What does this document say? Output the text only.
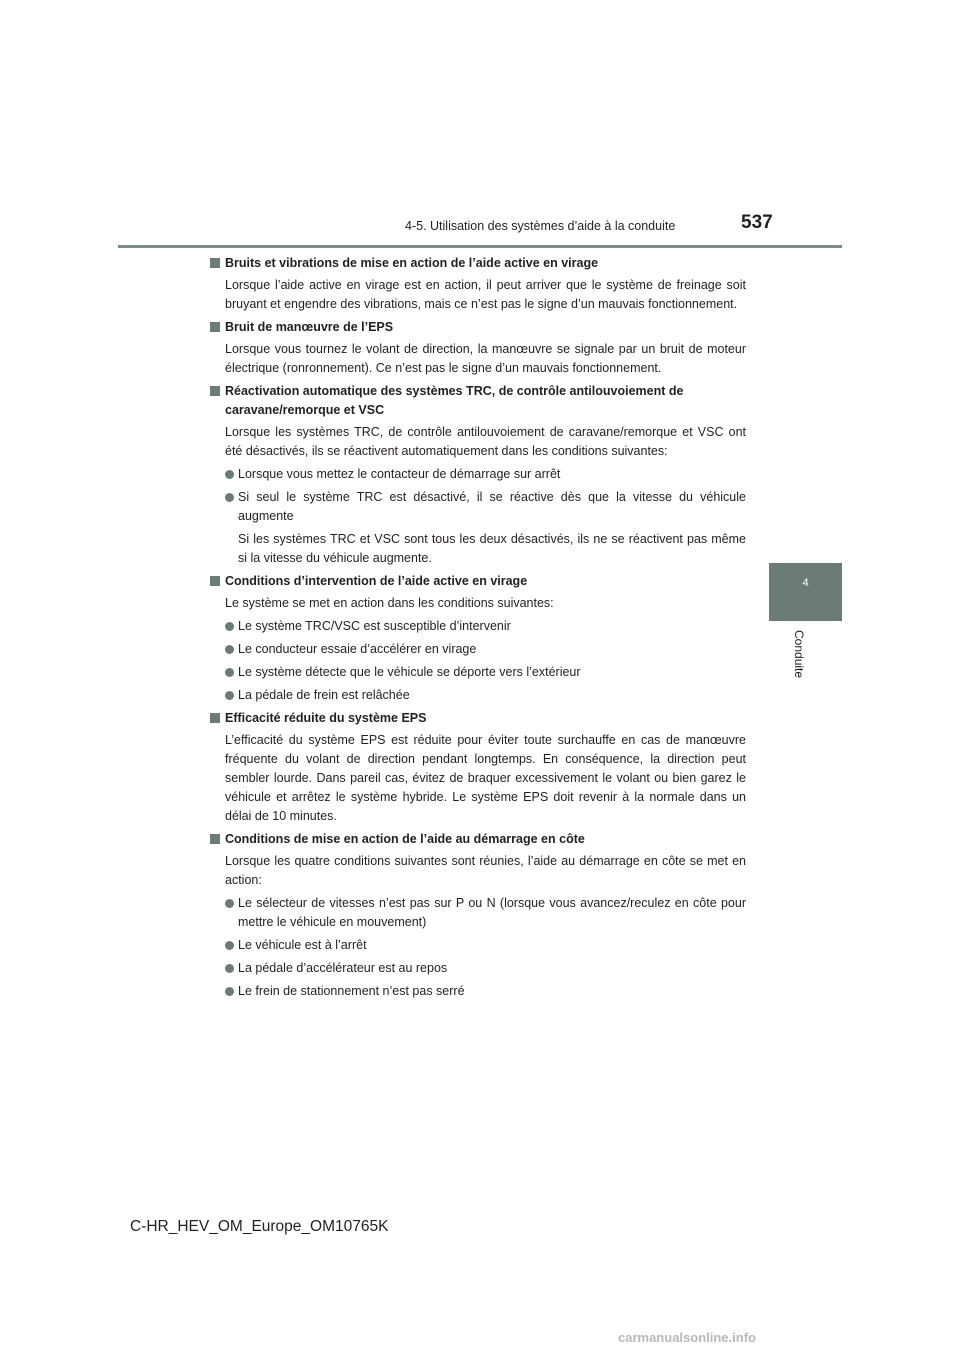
4-5. Utilisation des systèmes d’aide à la conduite	537
4
Conduite
Bruits et vibrations de mise en action de l’aide active en virage
Lorsque l’aide active en virage est en action, il peut arriver que le système de freinage soit bruyant et engendre des vibrations, mais ce n’est pas le signe d’un mauvais fonctionnement.
Bruit de manœuvre de l’EPS
Lorsque vous tournez le volant de direction, la manœuvre se signale par un bruit de moteur électrique (ronronnement). Ce n’est pas le signe d’un mauvais fonctionnement.
Réactivation automatique des systèmes TRC, de contrôle antilouvoiement de caravane/remorque et VSC
Lorsque les systèmes TRC, de contrôle antilouvoiement de caravane/remorque et VSC ont été désactivés, ils se réactivent automatiquement dans les conditions suivantes:
Lorsque vous mettez le contacteur de démarrage sur arrêt
Si seul le système TRC est désactivé, il se réactive dès que la vitesse du véhicule augmente
Si les systèmes TRC et VSC sont tous les deux désactivés, ils ne se réactivent pas même si la vitesse du véhicule augmente.
Conditions d’intervention de l’aide active en virage
Le système se met en action dans les conditions suivantes:
Le système TRC/VSC est susceptible d’intervenir
Le conducteur essaie d’accélérer en virage
Le système détecte que le véhicule se déporte vers l’extérieur
La pédale de frein est relâchée
Efficacité réduite du système EPS
L’efficacité du système EPS est réduite pour éviter toute surchauffe en cas de manœuvre fréquente du volant de direction pendant longtemps. En conséquence, la direction peut sembler lourde. Dans pareil cas, évitez de braquer excessivement le volant ou bien garez le véhicule et arrêtez le système hybride. Le système EPS doit revenir à la normale dans un délai de 10 minutes.
Conditions de mise en action de l’aide au démarrage en côte
Lorsque les quatre conditions suivantes sont réunies, l’aide au démarrage en côte se met en action:
Le sélecteur de vitesses n’est pas sur P ou N (lorsque vous avancez/reculez en côte pour mettre le véhicule en mouvement)
Le véhicule est à l’arrêt
La pédale d’accélérateur est au repos
Le frein de stationnement n’est pas serré
C-HR_HEV_OM_Europe_OM10765K
carmanualsonline.info
